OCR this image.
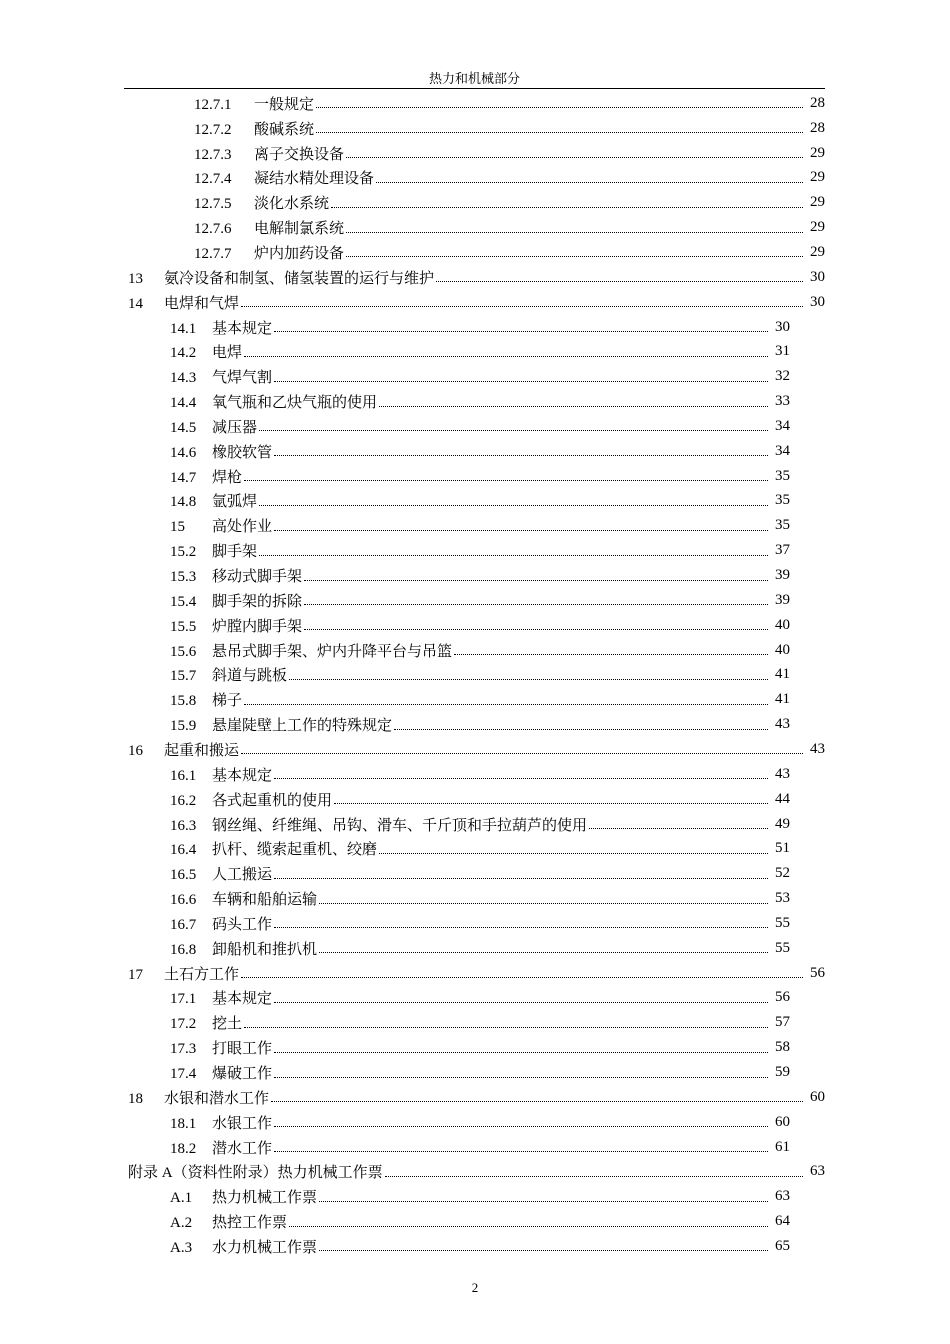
热力和机械部分
12.7.1 一般规定	28
12.7.2 酸碱系统	28
12.7.3 离子交换设备	29
12.7.4 凝结水精处理设备	29
12.7.5 淡化水系统	29
12.7.6 电解制氯系统	29
12.7.7 炉内加药设备	29
13 氨冷设备和制氢、储氢装置的运行与维护	30
14 电焊和气焊	30
14.1 基本规定	30
14.2 电焊	31
14.3 气焊气割	32
14.4 氧气瓶和乙炔气瓶的使用	33
14.5 减压器	34
14.6 橡胶软管	34
14.7 焊枪	35
14.8 氩弧焊	35
15 高处作业	35
15.2 脚手架	37
15.3 移动式脚手架	39
15.4 脚手架的拆除	39
15.5 炉膛内脚手架	40
15.6 悬吊式脚手架、炉内升降平台与吊篮	40
15.7 斜道与跳板	41
15.8 梯子	41
15.9 悬崖陡壁上工作的特殊规定	43
16 起重和搬运	43
16.1 基本规定	43
16.2 各式起重机的使用	44
16.3 钢丝绳、纤维绳、吊钩、滑车、千斤顶和手拉葫芦的使用	49
16.4 扒杆、缆索起重机、绞磨	51
16.5 人工搬运	52
16.6 车辆和船舶运输	53
16.7 码头工作	55
16.8 卸船机和推扒机	55
17 土石方工作	56
17.1 基本规定	56
17.2 挖土	57
17.3 打眼工作	58
17.4 爆破工作	59
18 水银和潜水工作	60
18.1 水银工作	60
18.2 潜水工作	61
附录 A（资料性附录）热力机械工作票	63
A.1 热力机械工作票	63
A.2 热控工作票	64
A.3 水力机械工作票	65
2
